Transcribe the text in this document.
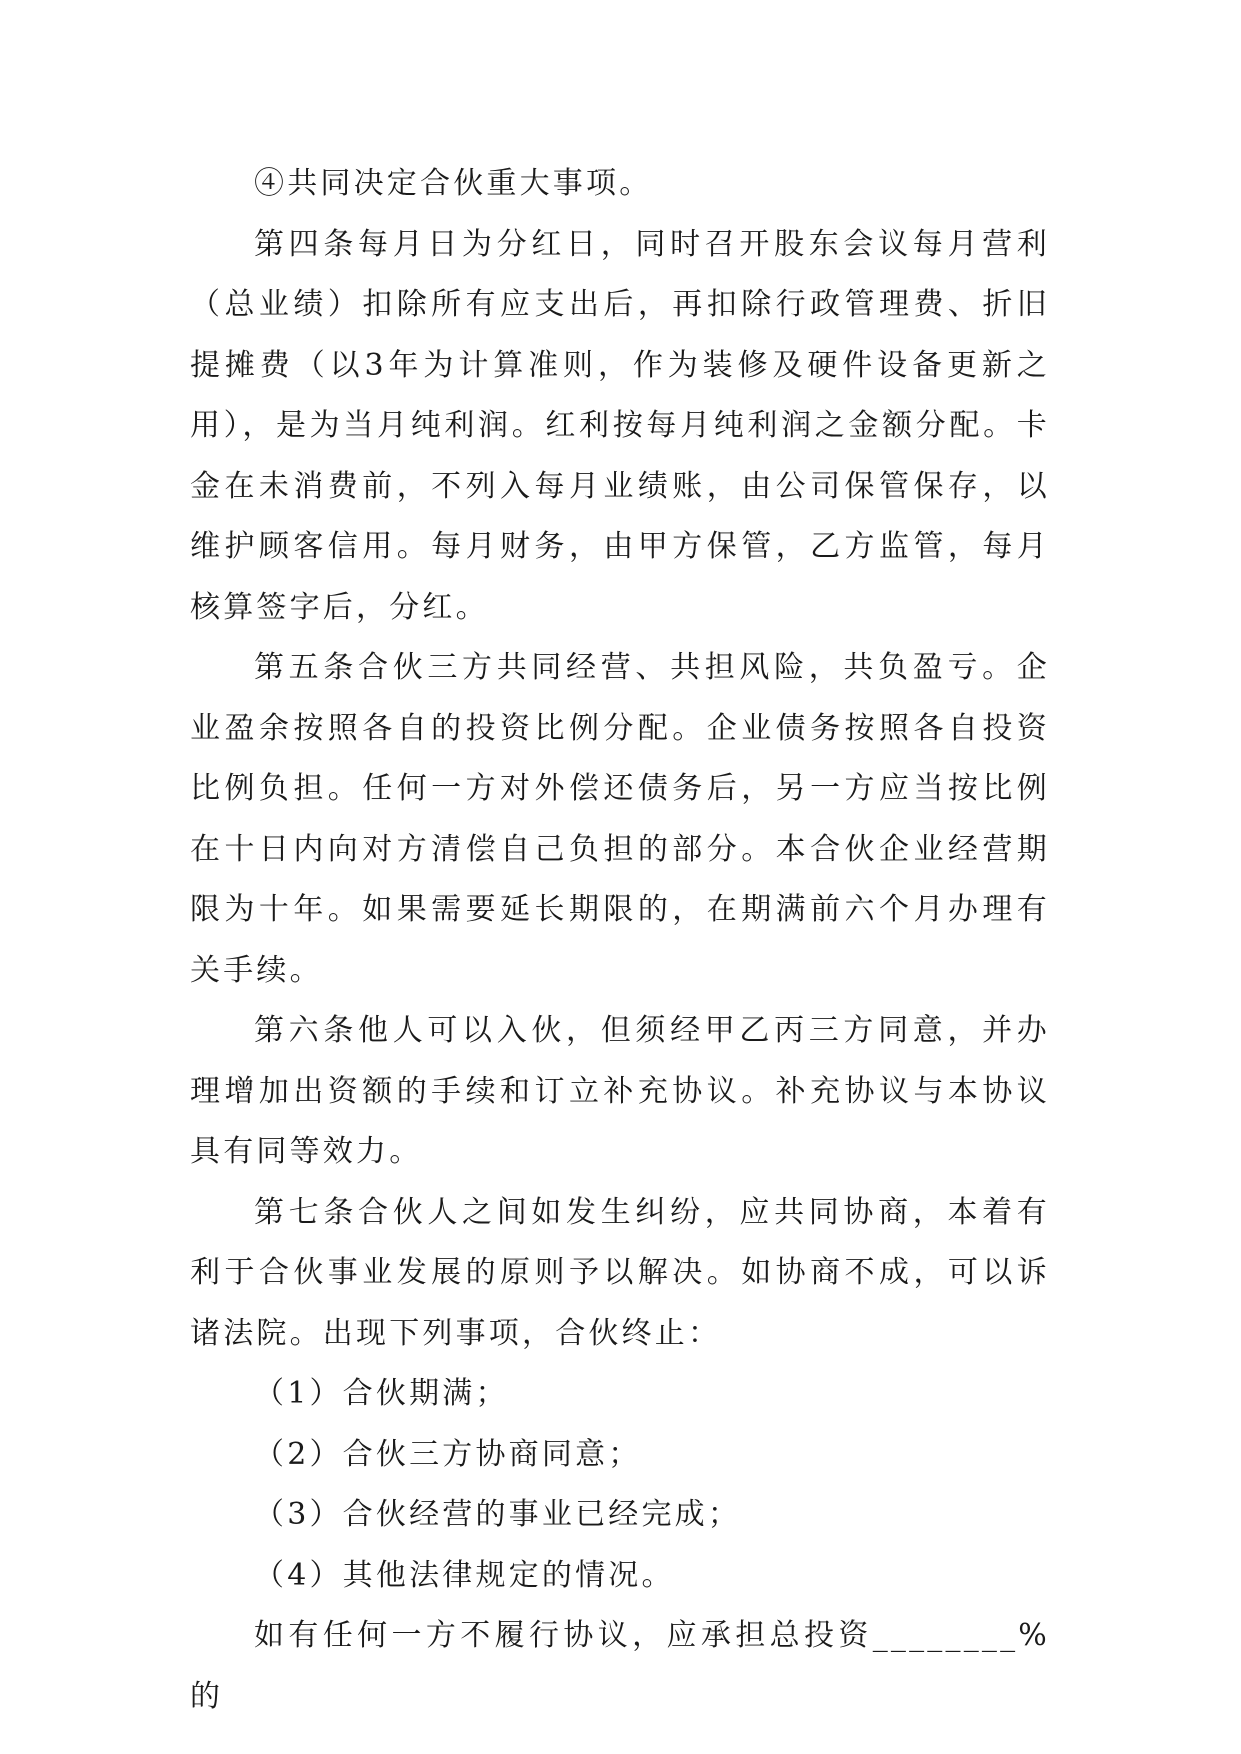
④共同决定合伙重大事项。

第四条每月日为分红日，同时召开股东会议每月营利（总业绩）扣除所有应支出后，再扣除行政管理费、折旧提摊费（以3年为计算准则，作为装修及硬件设备更新之用），是为当月纯利润。红利按每月纯利润之金额分配。卡金在未消费前，不列入每月业绩账，由公司保管保存，以维护顾客信用。每月财务，由甲方保管，乙方监管，每月核算签字后，分红。

第五条合伙三方共同经营、共担风险，共负盈亏。企业盈余按照各自的投资比例分配。企业债务按照各自投资比例负担。任何一方对外偿还债务后，另一方应当按比例在十日内向对方清偿自己负担的部分。本合伙企业经营期限为十年。如果需要延长期限的，在期满前六个月办理有关手续。

第六条他人可以入伙，但须经甲乙丙三方同意，并办理增加出资额的手续和订立补充协议。补充协议与本协议具有同等效力。

第七条合伙人之间如发生纠纷，应共同协商，本着有利于合伙事业发展的原则予以解决。如协商不成，可以诉诸法院。出现下列事项，合伙终止：

（1）合伙期满；

（2）合伙三方协商同意；

（3）合伙经营的事业已经完成；

（4）其他法律规定的情况。

如有任何一方不履行协议，应承担总投资________%的
